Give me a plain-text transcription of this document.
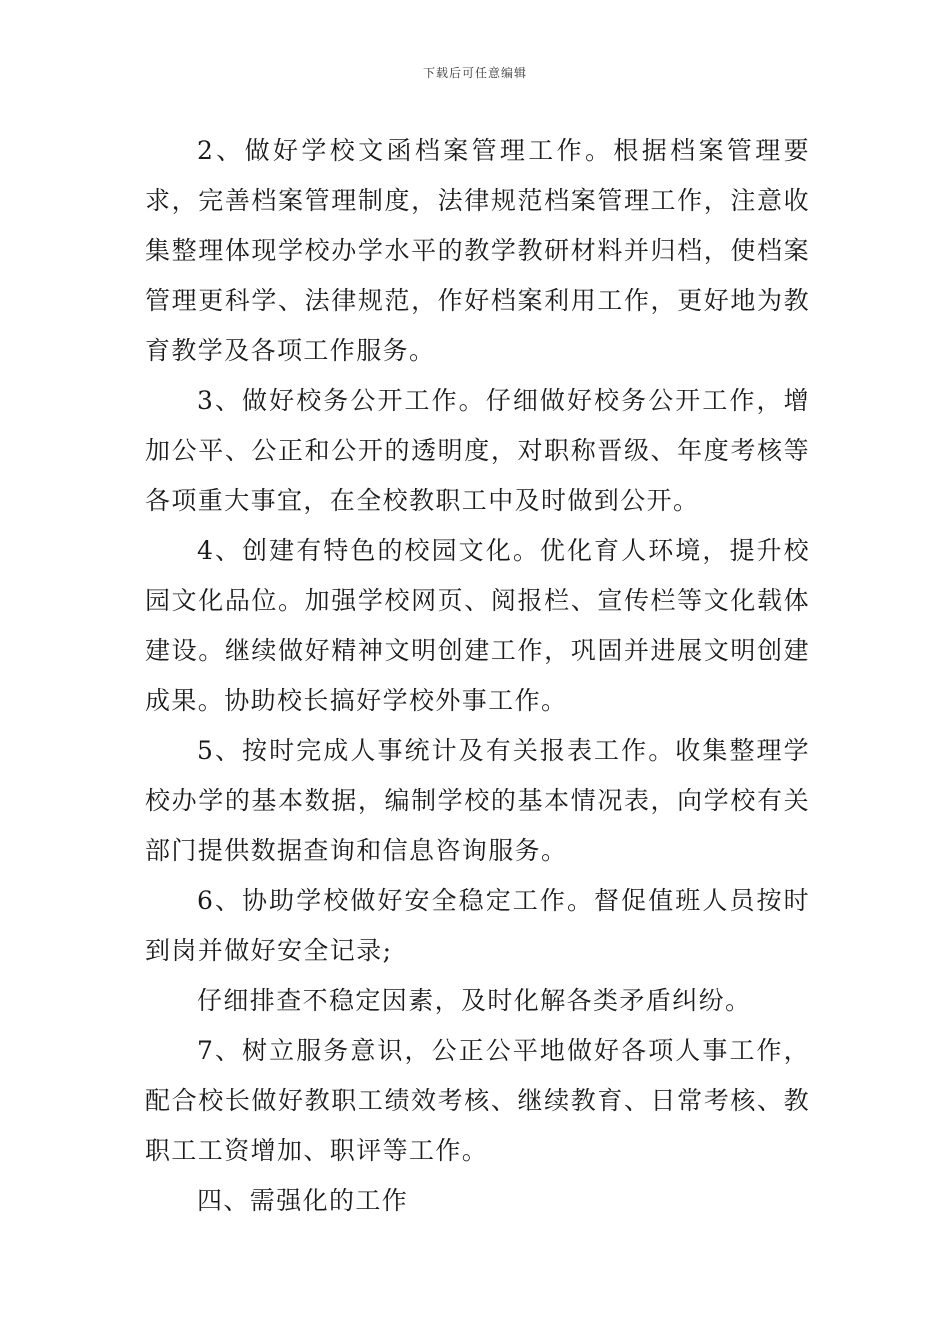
下载后可任意编辑

2、做好学校文函档案管理工作。根据档案管理要求，完善档案管理制度，法律规范档案管理工作，注意收集整理体现学校办学水平的教学教研材料并归档，使档案管理更科学、法律规范，作好档案利用工作，更好地为教育教学及各项工作服务。

3、做好校务公开工作。仔细做好校务公开工作，增加公平、公正和公开的透明度，对职称晋级、年度考核等各项重大事宜，在全校教职工中及时做到公开。

4、创建有特色的校园文化。优化育人环境，提升校园文化品位。加强学校网页、阅报栏、宣传栏等文化载体建设。继续做好精神文明创建工作，巩固并进展文明创建成果。协助校长搞好学校外事工作。

5、按时完成人事统计及有关报表工作。收集整理学校办学的基本数据，编制学校的基本情况表，向学校有关部门提供数据查询和信息咨询服务。

6、协助学校做好安全稳定工作。督促值班人员按时到岗并做好安全记录;

仔细排查不稳定因素，及时化解各类矛盾纠纷。

7、树立服务意识，公正公平地做好各项人事工作，配合校长做好教职工绩效考核、继续教育、日常考核、教职工工资增加、职评等工作。

四、需强化的工作
